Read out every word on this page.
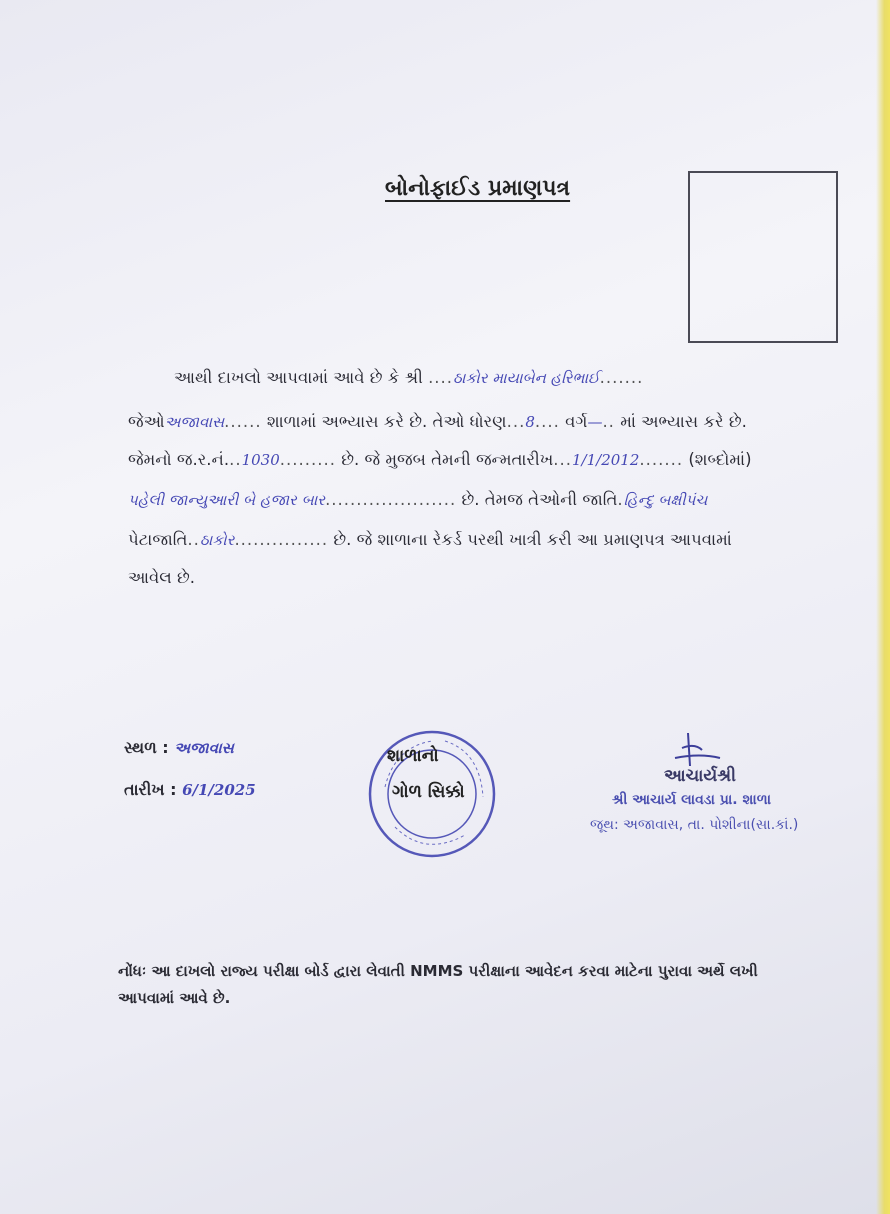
બોનોફાઈડ પ્રમાણપત્ર
આથી દાખલો આપવામાં આવે છે કે શ્રી ....ઠાકોર માયાબેન હરિભાઈ.......
જેઓઅજાવાસ...... શાળામાં અભ્યાસ કરે છે. તેઓ ધોરણ...8.... વર્ગ—.. માં અભ્યાસ કરે છે.
જેમનો જ.ર.નં...1030......... છે. જે મુજબ તેમની જન્મતારીખ...1/1/2012....... (શબ્દોમાં)
પહેલી જાન્યુઆરી બે હજાર બાર..................... છે. તેમજ તેઓની જાતિ.હિન્દુ બક્ષીપંચ
પેટાજાતિ..ઠાકોર............... છે. જે શાળાના રેકર્ડ પરથી ખાત્રી કરી આ પ્રમાણપત્ર આપવામાં
આવેલ છે.
સ્થળ : અજાવાસ
તારીખ : 6/1/2025
શાળાનો
ગોળ સિક્કો
આચાર્યશ્રી
શ્રી આચાર્ય લાવડા પ્રા. શાળા
જૂથ: અજાવાસ, તા. પોશીના(સા.કાં.)
નોંધઃ આ દાખલો રાજ્ય પરીક્ષા બોર્ડ દ્વારા લેવાતી NMMS પરીક્ષાના આવેદન કરવા માટેના પુરાવા અર્થે લખી આપવામાં આવે છે.
